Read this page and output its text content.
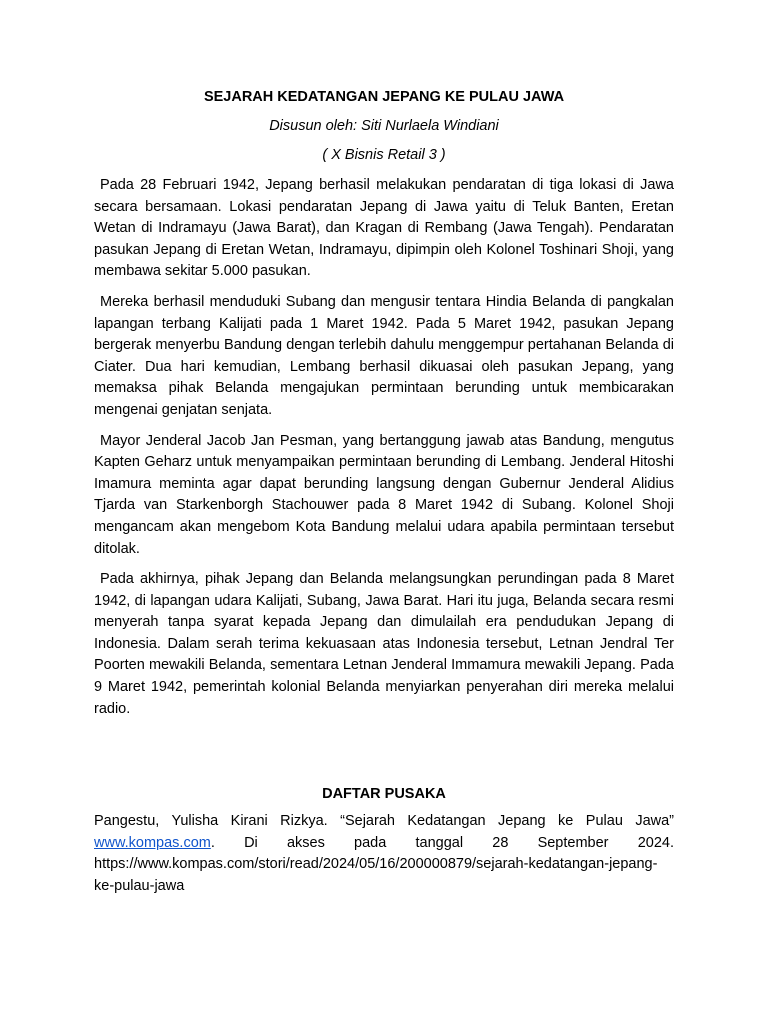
SEJARAH KEDATANGAN JEPANG KE PULAU JAWA
Disusun oleh: Siti Nurlaela Windiani
( X Bisnis Retail 3 )

Pada 28 Februari 1942, Jepang berhasil melakukan pendaratan di tiga lokasi di Jawa secara bersamaan. Lokasi pendaratan Jepang di Jawa yaitu di Teluk Banten, Eretan Wetan di Indramayu (Jawa Barat), dan Kragan di Rembang (Jawa Tengah). Pendaratan pasukan Jepang di Eretan Wetan, Indramayu, dipimpin oleh Kolonel Toshinari Shoji, yang membawa sekitar 5.000 pasukan.

Mereka berhasil menduduki Subang dan mengusir tentara Hindia Belanda di pangkalan lapangan terbang Kalijati pada 1 Maret 1942. Pada 5 Maret 1942, pasukan Jepang bergerak menyerbu Bandung dengan terlebih dahulu menggempur pertahanan Belanda di Ciater. Dua hari kemudian, Lembang berhasil dikuasai oleh pasukan Jepang, yang memaksa pihak Belanda mengajukan permintaan berunding untuk membicarakan mengenai genjatan senjata.

Mayor Jenderal Jacob Jan Pesman, yang bertanggung jawab atas Bandung, mengutus Kapten Geharz untuk menyampaikan permintaan berunding di Lembang. Jenderal Hitoshi Imamura meminta agar dapat berunding langsung dengan Gubernur Jenderal Alidius Tjarda van Starkenborgh Stachouwer pada 8 Maret 1942 di Subang. Kolonel Shoji mengancam akan mengebom Kota Bandung melalui udara apabila permintaan tersebut ditolak.

Pada akhirnya, pihak Jepang dan Belanda melangsungkan perundingan pada 8 Maret 1942, di lapangan udara Kalijati, Subang, Jawa Barat. Hari itu juga, Belanda secara resmi menyerah tanpa syarat kepada Jepang dan dimulailah era pendudukan Jepang di Indonesia. Dalam serah terima kekuasaan atas Indonesia tersebut, Letnan Jendral Ter Poorten mewakili Belanda, sementara Letnan Jenderal Immamura mewakili Jepang. Pada 9 Maret 1942, pemerintah kolonial Belanda menyiarkan penyerahan diri mereka melalui radio.

DAFTAR PUSAKA

Pangestu, Yulisha Kirani Rizkya. “Sejarah Kedatangan Jepang ke Pulau Jawa” www.kompas.com. Di akses pada tanggal 28 September 2024. https://www.kompas.com/stori/read/2024/05/16/200000879/sejarah-kedatangan-jepang-ke-pulau-jawa
